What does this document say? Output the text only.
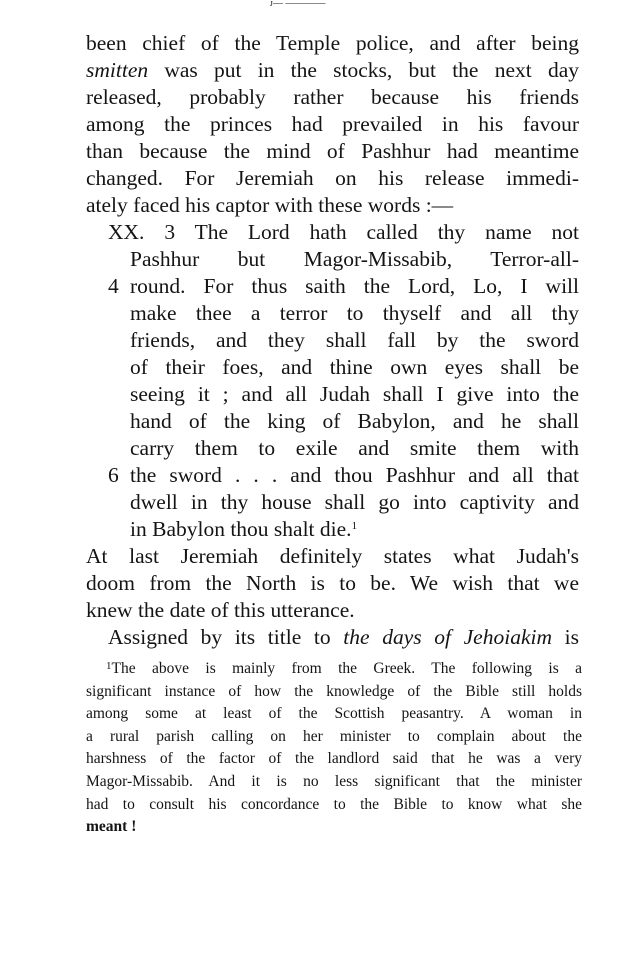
ᴊ— ————
been chief of the Temple police, and after being
smitten was put in the stocks, but the next day
released, probably rather because his friends
among the princes had prevailed in his favour
than because the mind of Pashhur had meantime
changed. For Jeremiah on his release immedi-
ately faced his captor with these words :—
XX. 3 The Lord hath called thy name not
Pashhur but Magor-Missabib, Terror-all-
4 round. For thus saith the Lord, Lo, I will
make thee a terror to thyself and all thy
friends, and they shall fall by the sword
of their foes, and thine own eyes shall be
seeing it ; and all Judah shall I give into the
hand of the king of Babylon, and he shall
carry them to exile and smite them with
6 the sword . . . and thou Pashhur and all that
dwell in thy house shall go into captivity and
in Babylon thou shalt die.$^1$
At last Jeremiah definitely states what Judah's
doom from the North is to be. We wish that we
knew the date of this utterance.
Assigned by its title to the days of Jehoiakim is
$^1$The above is mainly from the Greek. The following is a
significant instance of how the knowledge of the Bible still holds
among some at least of the Scottish peasantry. A woman in
a rural parish calling on her minister to complain about the
harshness of the factor of the landlord said that he was a very
Magor-Missabib. And it is no less significant that the minister
had to consult his concordance to the Bible to know what she
meant !
